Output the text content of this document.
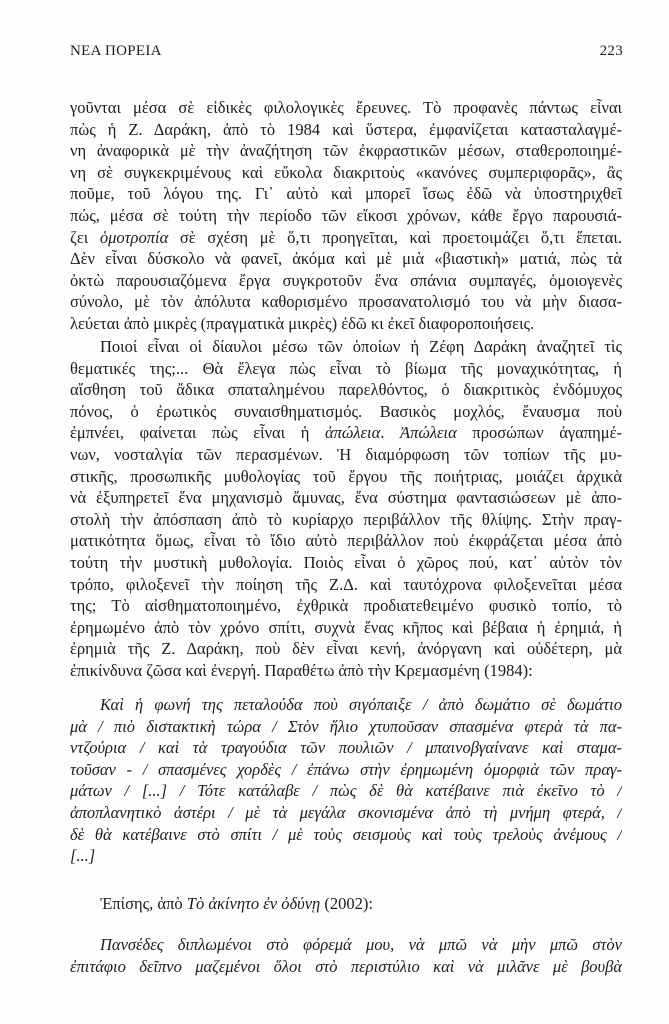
ΝΕΑ ΠΟΡΕΙΑ	223
γοῦνται μέσα σὲ εἰδικὲς φιλολογικὲς ἔρευνες. Τὸ προφανὲς πάντως εἶναι
πὼς ἡ Ζ. Δαράκη, ἀπὸ τὸ 1984 καὶ ὕστερα, ἐμφανίζεται κατασταλαγμέ-
νη ἀναφορικὰ μὲ τὴν ἀναζήτηση τῶν ἐκφραστικῶν μέσων, σταθεροποιημέ-
νη σὲ συγκεκριμένους καὶ εὔκολα διακριτοὺς «κανόνες συμπεριφορᾶς», ἂς
ποῦμε, τοῦ λόγου της. Γι᾽ αὐτὸ καὶ μπορεῖ ἴσως ἐδῶ νὰ ὑποστηριχθεῖ
πώς, μέσα σὲ τούτη τὴν περίοδο τῶν εἴκοσι χρόνων, κάθε ἔργο παρουσιά-
ζει ὁμοτροπία σὲ σχέση μὲ ὅ,τι προηγεῖται, καὶ προετοιμάζει ὅ,τι ἕπεται.
Δὲν εἶναι δύσκολο νὰ φανεῖ, ἀκόμα καὶ μὲ μιὰ «βιαστικὴ» ματιά, πὼς τὰ
ὀκτὼ παρουσιαζόμενα ἔργα συγκροτοῦν ἕνα σπάνια συμπαγές, ὁμοιογενὲς
σύνολο, μὲ τὸν ἀπόλυτα καθορισμένο προσανατολισμό του νὰ μὴν διασα-
λεύεται ἀπὸ μικρὲς (πραγματικὰ μικρὲς) ἐδῶ κι ἐκεῖ διαφοροποιήσεις.
Ποιοί εἶναι οἱ δίαυλοι μέσω τῶν ὁποίων ἡ Ζέφη Δαράκη ἀναζητεῖ τὶς
θεματικές της;... Θὰ ἔλεγα πὼς εἶναι τὸ βίωμα τῆς μοναχικότητας, ἡ
αἴσθηση τοῦ ἄδικα σπαταλημένου παρελθόντος, ὁ διακριτικὸς ἐνδόμυχος
πόνος, ὁ ἐρωτικὸς συναισθηματισμός. Βασικὸς μοχλός, ἔναυσμα ποὺ
ἐμπνέει, φαίνεται πὼς εἶναι ἡ ἀπώλεια. Ἀπώλεια προσώπων ἀγαπημέ-
νων, νοσταλγία τῶν περασμένων. Ἡ διαμόρφωση τῶν τοπίων τῆς μυ-
στικῆς, προσωπικῆς μυθολογίας τοῦ ἔργου τῆς ποιήτριας, μοιάζει ἀρχικὰ
νὰ ἐξυπηρετεῖ ἕνα μηχανισμὸ ἄμυνας, ἕνα σύστημα φαντασιώσεων μὲ ἀπο-
στολὴ τὴν ἀπόσπαση ἀπὸ τὸ κυρίαρχο περιβάλλον τῆς θλίψης. Στὴν πραγ-
ματικότητα ὅμως, εἶναι τὸ ἴδιο αὐτὸ περιβάλλον ποὺ ἐκφράζεται μέσα ἀπὸ
τούτη τὴν μυστικὴ μυθολογία. Ποιὸς εἶναι ὁ χῶρος πού, κατ᾽ αὐτὸν τὸν
τρόπο, φιλοξενεῖ τὴν ποίηση τῆς Ζ.Δ. καὶ ταυτόχρονα φιλοξενεῖται μέσα
της; Τὸ αἰσθηματοποιημένο, ἐχθρικὰ προδιατεθειμένο φυσικὸ τοπίο, τὸ
ἐρημωμένο ἀπὸ τὸν χρόνο σπίτι, συχνὰ ἕνας κῆπος καὶ βέβαια ἡ ἐρημιά, ἡ
ἐρημιὰ τῆς Ζ. Δαράκη, ποὺ δὲν εἶναι κενή, ἀνόργανη καὶ οὐδέτερη, μὰ
ἐπικίνδυνα ζῶσα καὶ ἐνεργή. Παραθέτω ἀπὸ τὴν Κρεμασμένη (1984):
Καὶ ἡ φωνή της πεταλούδα ποὺ σιγόπαιξε / ἀπὸ δωμάτιο σὲ δωμάτιο
μὰ / πιὸ διστακτικὴ τώρα / Στὸν ἥλιο χτυποῦσαν σπασμένα φτερὰ τὰ πα-
ντζούρια / καὶ τὰ τραγούδια τῶν πουλιῶν / μπαινοβγαίνανε καὶ σταμα-
τοῦσαν - / σπασμένες χορδὲς / ἐπάνω στὴν ἐρημωμένη ὀμορφιὰ τῶν πραγ-
μάτων / [...] / Τότε κατάλαβε / πὼς δὲ θὰ κατέβαινε πιὰ ἐκεῖνο τὸ /
ἀποπλανητικὸ ἀστέρι / μὲ τὰ μεγάλα σκονισμένα ἀπὸ τὴ μνήμη φτερά, /
δὲ θὰ κατέβαινε στὸ σπίτι / μὲ τοὺς σεισμοὺς καὶ τοὺς τρελοὺς ἀνέμους /
[...]
Ἐπίσης, ἀπὸ Τὸ ἀκίνητο ἐν ὀδύνῃ (2002):
Πανσέδες διπλωμένοι στὸ φόρεμά μου, νὰ μπῶ νὰ μὴν μπῶ στὸν
ἐπιτάφιο δεῖπνο μαζεμένοι ὅλοι στὸ περιστύλιο καὶ νὰ μιλᾶνε μὲ βουβὰ
